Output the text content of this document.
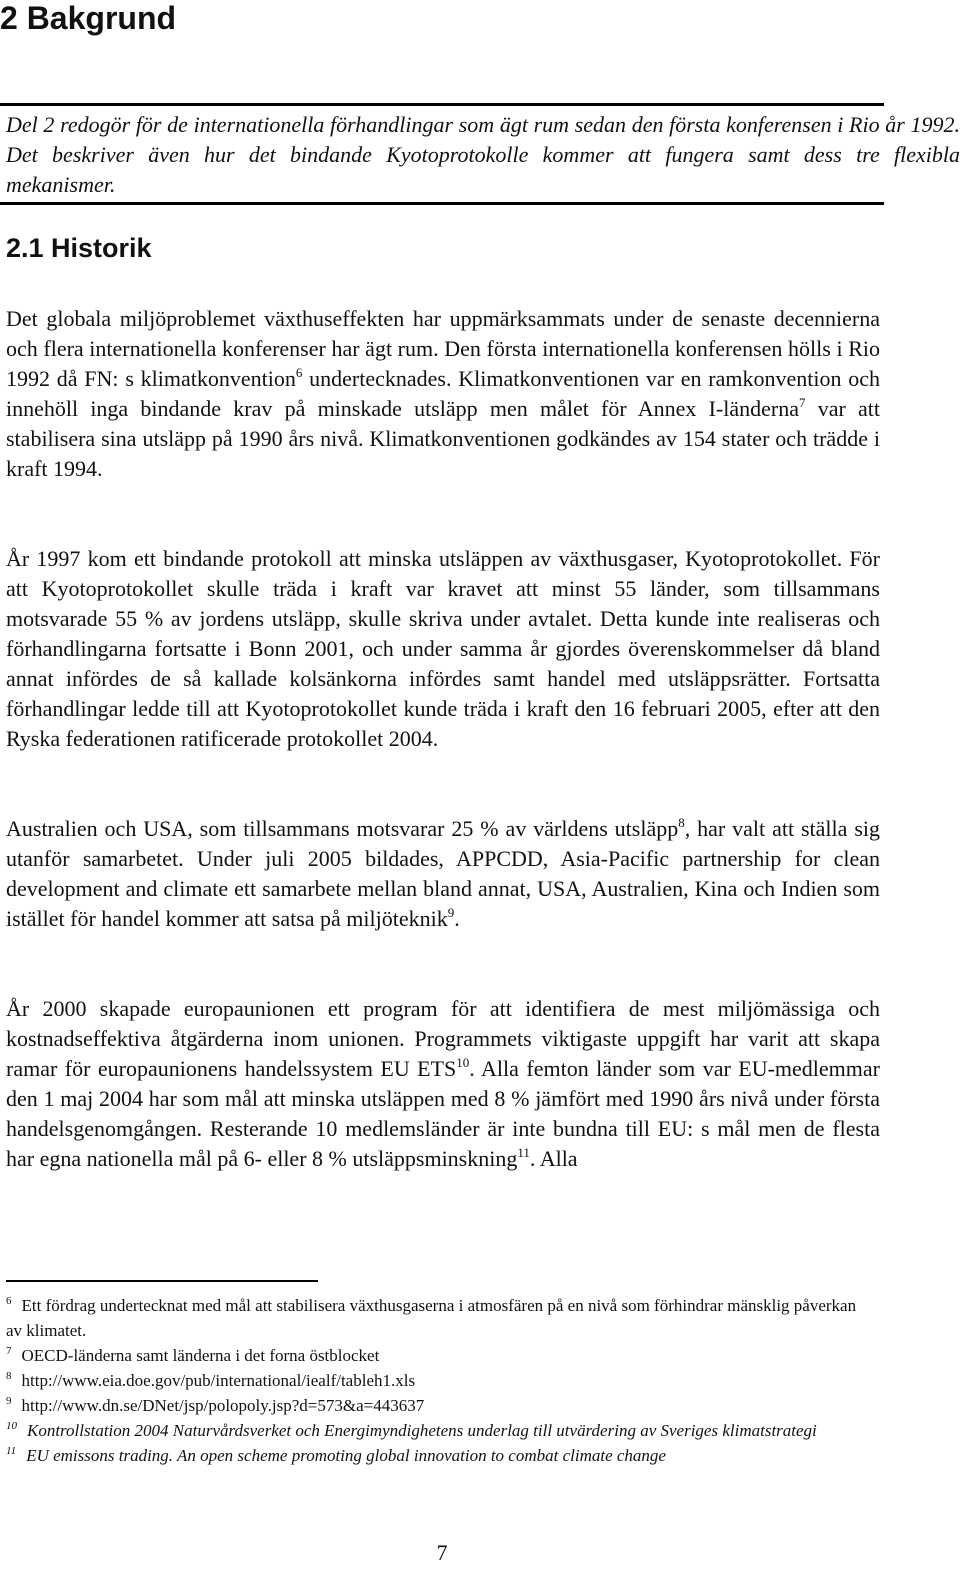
2 Bakgrund

Del 2 redogör för de internationella förhandlingar som ägt rum sedan den första konferensen i Rio år 1992. Det beskriver även hur det bindande Kyotoprotokolle kommer att fungera samt dess tre flexibla mekanismer.

2.1 Historik

Det globala miljöproblemet växthuseffekten har uppmärksammats under de senaste decennierna och flera internationella konferenser har ägt rum. Den första internationella konferensen hölls i Rio 1992 då FN: s klimatkonvention$^6$ undertecknades. Klimatkonventionen var en ramkonvention och innehöll inga bindande krav på minskade utsläpp men målet för Annex I-länderna$^7$ var att stabilisera sina utsläpp på 1990 års nivå. Klimatkonventionen godkändes av 154 stater och trädde i kraft 1994.

År 1997 kom ett bindande protokoll att minska utsläppen av växthusgaser, Kyotoprotokollet. För att Kyotoprotokollet skulle träda i kraft var kravet att minst 55 länder, som tillsammans motsvarade 55 % av jordens utsläpp, skulle skriva under avtalet. Detta kunde inte realiseras och förhandlingarna fortsatte i Bonn 2001, och under samma år gjordes överenskommelser då bland annat infördes de så kallade kolsänkorna infördes samt handel med utsläppsrätter. Fortsatta förhandlingar ledde till att Kyotoprotokollet kunde träda i kraft den 16 februari 2005, efter att den Ryska federationen ratificerade protokollet 2004.

Australien och USA, som tillsammans motsvarar 25 % av världens utsläpp$^8$, har valt att ställa sig utanför samarbetet. Under juli 2005 bildades, APPCDD, Asia-Pacific partnership for clean development and climate ett samarbete mellan bland annat, USA, Australien, Kina och Indien som istället för handel kommer att satsa på miljöteknik$^9$.

År 2000 skapade europaunionen ett program för att identifiera de mest miljömässiga och kostnadseffektiva åtgärderna inom unionen. Programmets viktigaste uppgift har varit att skapa ramar för europaunionens handelssystem EU ETS$^{10}$. Alla femton länder som var EU-medlemmar den 1 maj 2004 har som mål att minska utsläppen med 8 % jämfört med 1990 års nivå under första handelsgenomgången. Resterande 10 medlemsländer är inte bundna till EU: s mål men de flesta har egna nationella mål på 6- eller 8 % utsläppsminskning$^{11}$. Alla

$^6$ Ett fördrag undertecknat med mål att stabilisera växthusgaserna i atmosfären på en nivå som förhindrar mänsklig påverkan av klimatet.

$^7$ OECD-länderna samt länderna i det forna östblocket

$^8$ http://www.eia.doe.gov/pub/international/iealf/tableh1.xls

$^9$ http://www.dn.se/DNet/jsp/polopoly.jsp?d=573&a=443637

$^{10}$ Kontrollstation 2004 Naturvårdsverket och Energimyndighetens underlag till utvärdering av Sveriges klimatstrategi

$^{11}$ EU emissons trading. An open scheme promoting global innovation to combat climate change

7
